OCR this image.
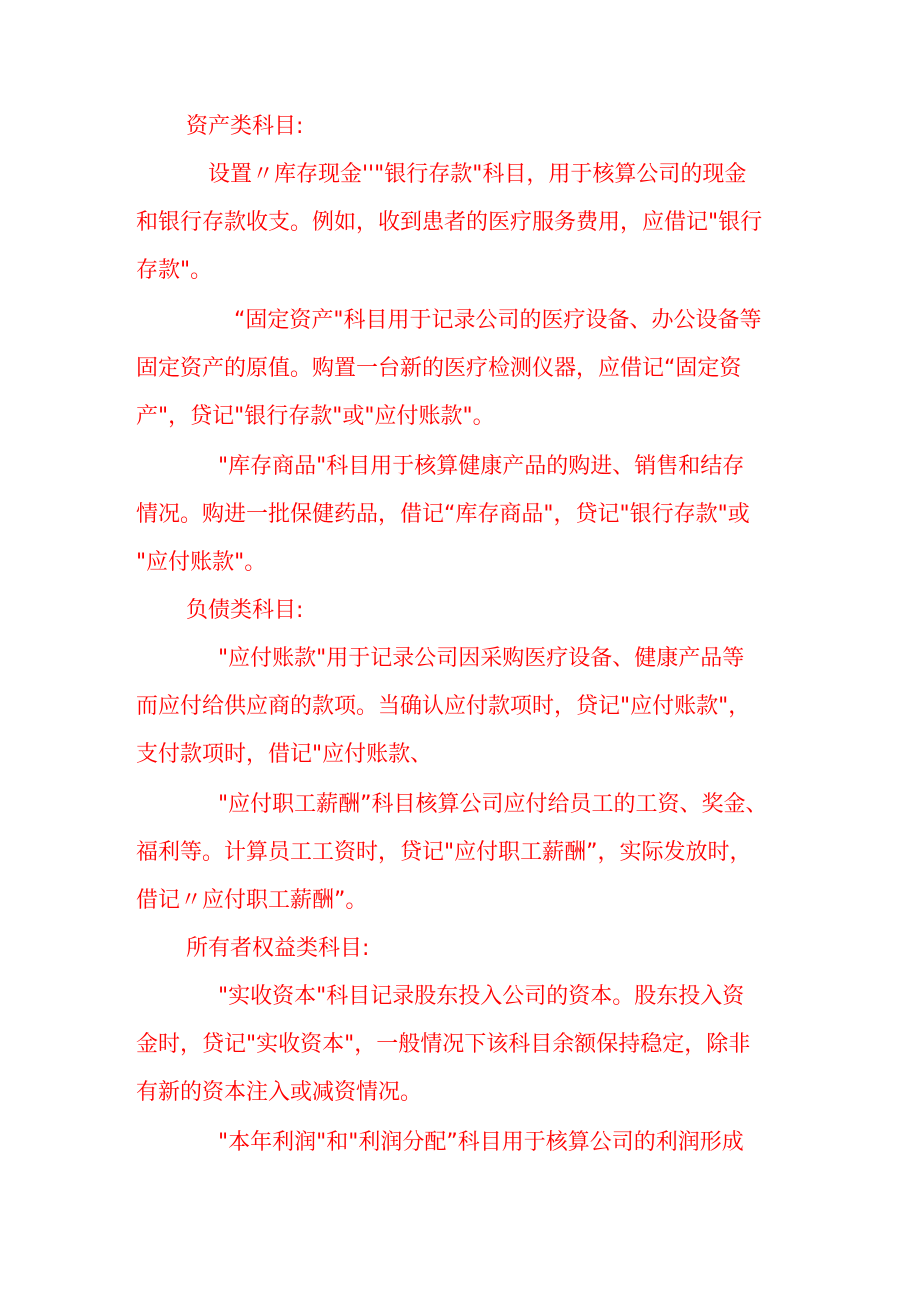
资产类科目:
设置〃库存现金''"银行存款"科目，用于核算公司的现金
和银行存款收支。例如，收到患者的医疗服务费用，应借记"银行
存款"。
“固定资产"科目用于记录公司的医疗设备、办公设备等
固定资产的原值。购置一台新的医疗检测仪器，应借记“固定资
产"，贷记"银行存款"或"应付账款"。
"库存商品"科目用于核算健康产品的购进、销售和结存
情况。购进一批保健药品，借记“库存商品"，贷记"银行存款"或
"应付账款"。
负债类科目:
"应付账款"用于记录公司因采购医疗设备、健康产品等
而应付给供应商的款项。当确认应付款项时，贷记"应付账款"，
支付款项时，借记"应付账款、
"应付职工薪酬”科目核算公司应付给员工的工资、奖金、
福利等。计算员工工资时，贷记"应付职工薪酬”，实际发放时，
借记〃应付职工薪酬”。
所有者权益类科目:
"实收资本"科目记录股东投入公司的资本。股东投入资
金时，贷记"实收资本"，一般情况下该科目余额保持稳定，除非
有新的资本注入或减资情况。
"本年利润"和"利润分配”科目用于核算公司的利润形成
